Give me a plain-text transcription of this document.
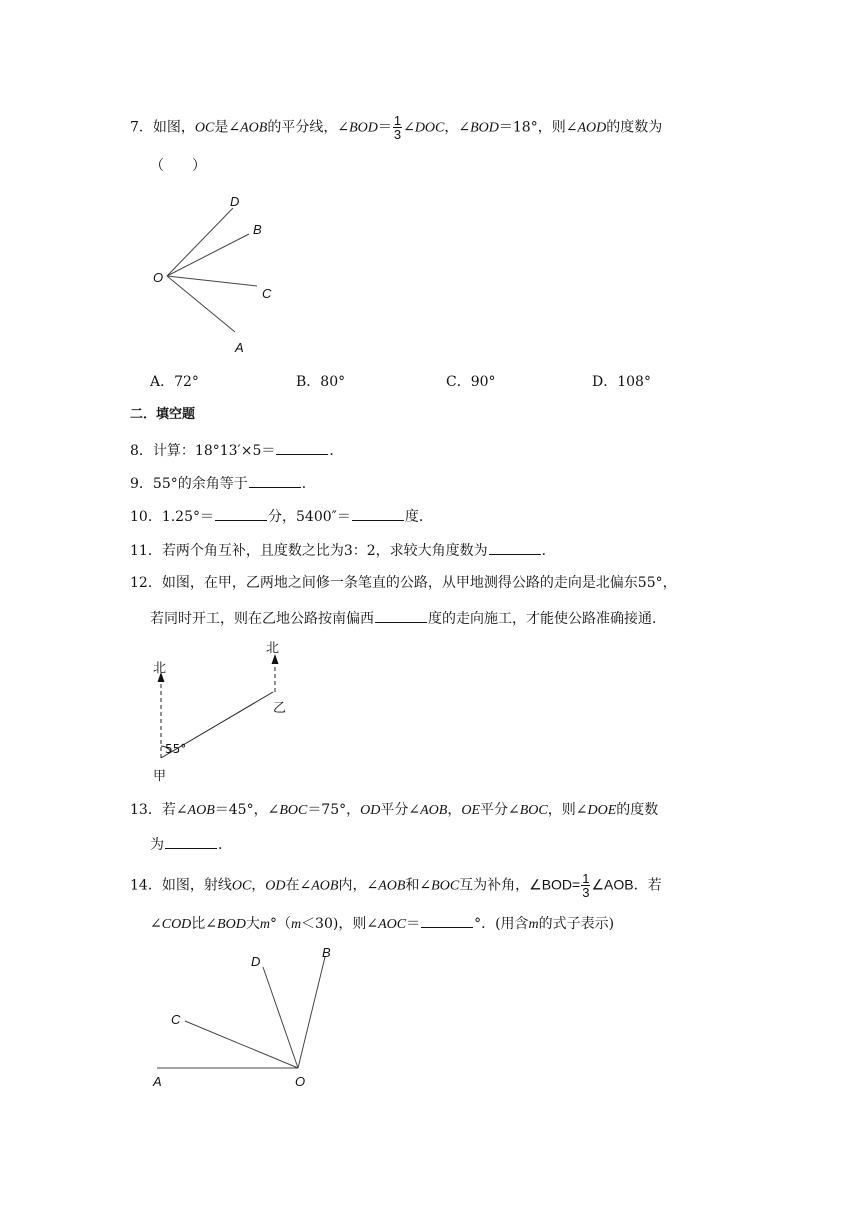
7．如图，OC是∠AOB的平分线，∠BOD＝ $\frac{1}{3}$ ∠DOC，∠BOD＝18°，则∠AOD的度数为
（　　）
D
B
O
C
A
A．72°	B．80°	C．90°	D．108°
二．填空题
8．计算：18°13′×5＝	．
9．55°的余角等于	．
10．1.25°＝	分，5400″＝	度．
11．若两个角互补，且度数之比为3：2，求较大角度数为	．
12．如图，在甲，乙两地之间修一条笔直的公路，从甲地测得公路的走向是北偏东55°，
若同时开工，则在乙地公路按南偏西	度的走向施工，才能使公路准确接通．
北
北
乙
55°
甲
13．若∠AOB＝45°，∠BOC＝75°，OD平分∠AOB，OE平分∠BOC，则∠DOE的度数
为	．
14．如图，射线OC，OD在∠AOB内，∠AOB和∠BOC互为补角，∠BOD= $\frac{1}{3}$ ∠AOB．若
∠COD比∠BOD大m°（m＜30)，则∠AOC＝	°．(用含m的式子表示)
D
B
C
A	O
